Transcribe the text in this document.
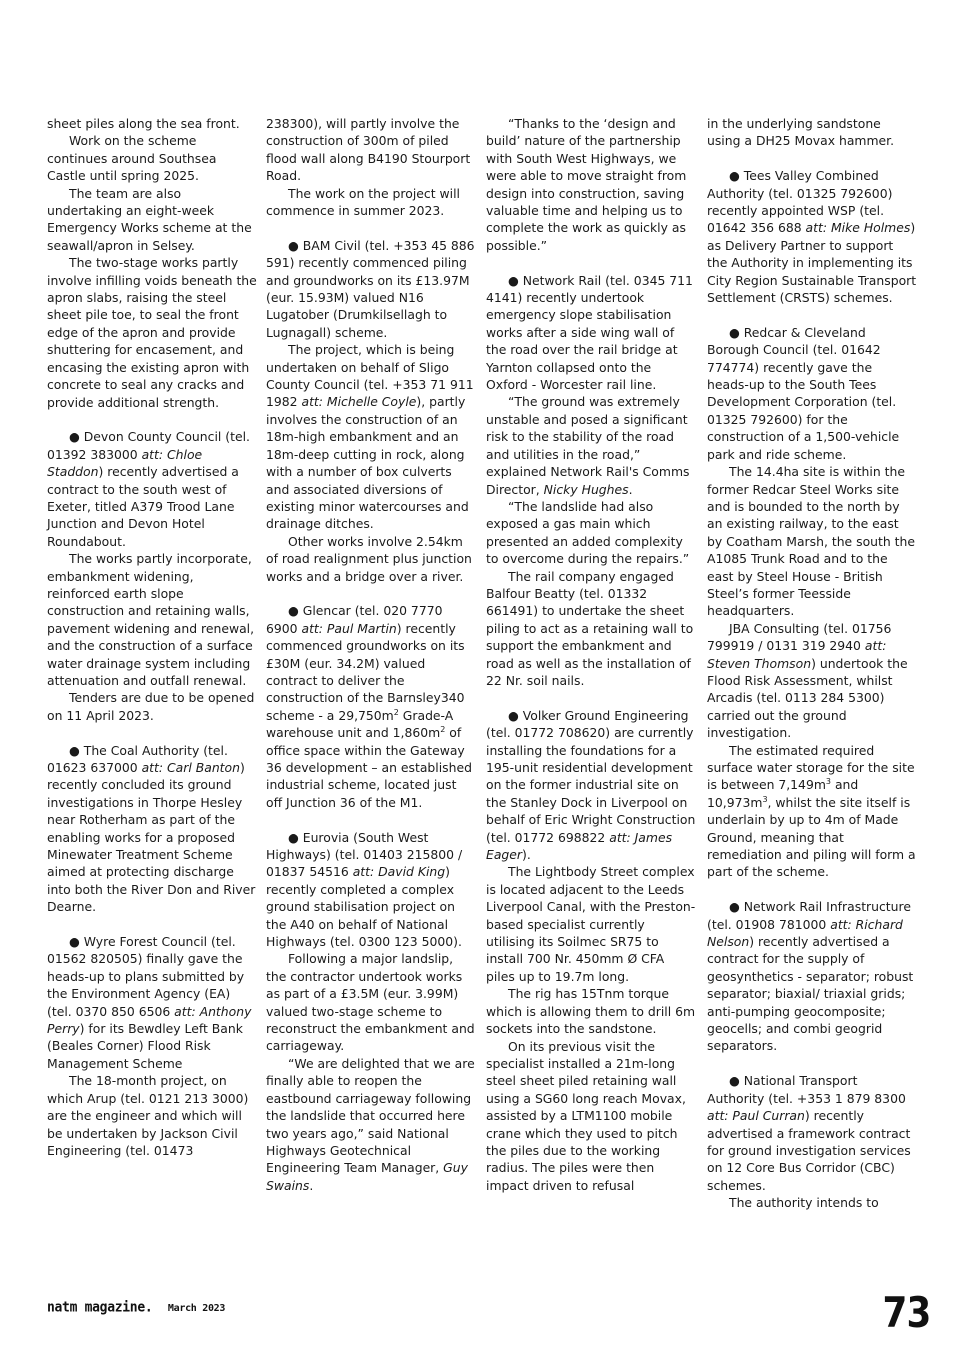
sheet piles along the sea front.

Work on the scheme continues around Southsea Castle until spring 2025.

The team are also undertaking an eight-week Emergency Works scheme at the seawall/apron in Selsey.

The two-stage works partly involve infilling voids beneath the apron slabs, raising the steel sheet pile toe, to seal the front edge of the apron and provide shuttering for encasement, and encasing the existing apron with concrete to seal any cracks and provide additional strength.

● Devon County Council (tel. 01392 383000 att: Chloe Staddon) recently advertised a contract to the south west of Exeter, titled A379 Trood Lane Junction and Devon Hotel Roundabout.

The works partly incorporate, embankment widening, reinforced earth slope construction and retaining walls, pavement widening and renewal, and the construction of a surface water drainage system including attenuation and outfall renewal.

Tenders are due to be opened on 11 April 2023.

● The Coal Authority (tel. 01623 637000 att: Carl Banton) recently concluded its ground investigations in Thorpe Hesley near Rotherham as part of the enabling works for a proposed Minewater Treatment Scheme aimed at protecting discharge into both the River Don and River Dearne.

● Wyre Forest Council (tel. 01562 820505) finally gave the heads-up to plans submitted by the Environment Agency (EA) (tel. 0370 850 6506 att: Anthony Perry) for its Bewdley Left Bank (Beales Corner) Flood Risk Management Scheme

The 18-month project, on which Arup (tel. 0121 213 3000) are the engineer and which will be undertaken by Jackson Civil Engineering (tel. 01473

238300), will partly involve the construction of 300m of piled flood wall along B4190 Stourport Road.

The work on the project will commence in summer 2023.

● BAM Civil (tel. +353 45 886 591) recently commenced piling and groundworks on its £13.97M (eur. 15.93M) valued N16 Lugatober (Drumkilsellagh to Lugnagall) scheme.

The project, which is being undertaken on behalf of Sligo County Council (tel. +353 71 911 1982 att: Michelle Coyle), partly involves the construction of an 18m-high embankment and an 18m-deep cutting in rock, along with a number of box culverts and associated diversions of existing minor watercourses and drainage ditches.

Other works involve 2.54km of road realignment plus junction works and a bridge over a river.

● Glencar (tel. 020 7770 6900 att: Paul Martin) recently commenced groundworks on its £30M (eur. 34.2M) valued contract to deliver the construction of the Barnsley340 scheme - a $29,750m^2$ Grade-A warehouse unit and $1,860m^2$ of office space within the Gateway 36 development – an established industrial scheme, located just off Junction 36 of the M1.

● Eurovia (South West Highways) (tel. 01403 215800 / 01837 54516 att: David King) recently completed a complex ground stabilisation project on the A40 on behalf of National Highways (tel. 0300 123 5000).

Following a major landslip, the contractor undertook works as part of a £3.5M (eur. 3.99M) valued two-stage scheme to reconstruct the embankment and carriageway.

“We are delighted that we are finally able to reopen the eastbound carriageway following the landslide that occurred here two years ago,” said National Highways Geotechnical Engineering Team Manager, Guy Swains.

“Thanks to the ‘design and build’ nature of the partnership with South West Highways, we were able to move straight from design into construction, saving valuable time and helping us to complete the work as quickly as possible.”

● Network Rail (tel. 0345 711 4141) recently undertook emergency slope stabilisation works after a side wing wall of the road over the rail bridge at Yarnton collapsed onto the Oxford - Worcester rail line.

“The ground was extremely unstable and posed a significant risk to the stability of the road and utilities in the road,” explained Network Rail's Comms Director, Nicky Hughes.

“The landslide had also exposed a gas main which presented an added complexity to overcome during the repairs.”

The rail company engaged Balfour Beatty (tel. 01332 661491) to undertake the sheet piling to act as a retaining wall to support the embankment and road as well as the installation of 22 Nr. soil nails.

● Volker Ground Engineering (tel. 01772 708620) are currently installing the foundations for a 195-unit residential development on the former industrial site on the Stanley Dock in Liverpool on behalf of Eric Wright Construction (tel. 01772 698822 att: James Eager).

The Lightbody Street complex is located adjacent to the Leeds Liverpool Canal, with the Preston-based specialist currently utilising its Soilmec SR75 to install 700 Nr. 450mm Ø CFA piles up to 19.7m long.

The rig has 15Tnm torque which is allowing them to drill 6m sockets into the sandstone.

On its previous visit the specialist installed a 21m-long steel sheet piled retaining wall using a SG60 long reach Movax, assisted by a LTM1100 mobile crane which they used to pitch the piles due to the working radius. The piles were then impact driven to refusal

in the underlying sandstone using a DH25 Movax hammer.

● Tees Valley Combined Authority (tel. 01325 792600) recently appointed WSP (tel. 01642 356 688 att: Mike Holmes) as Delivery Partner to support the Authority in implementing its City Region Sustainable Transport Settlement (CRSTS) schemes.

● Redcar & Cleveland Borough Council (tel. 01642 774774) recently gave the heads-up to the South Tees Development Corporation (tel. 01325 792600) for the construction of a 1,500-vehicle park and ride scheme.

The 14.4ha site is within the former Redcar Steel Works site and is bounded to the north by an existing railway, to the east by Coatham Marsh, the south the A1085 Trunk Road and to the east by Steel House - British Steel’s former Teesside headquarters.

JBA Consulting (tel. 01756 799919 / 0131 319 2940 att: Steven Thomson) undertook the Flood Risk Assessment, whilst Arcadis (tel. 0113 284 5300) carried out the ground investigation.

The estimated required surface water storage for the site is between $7,149m^3$ and $10,973m^3$, whilst the site itself is underlain by up to 4m of Made Ground, meaning that remediation and piling will form a part of the scheme.

● Network Rail Infrastructure (tel. 01908 781000 att: Richard Nelson) recently advertised a contract for the supply of geosynthetics - separator; robust separator; biaxial/ triaxial grids; anti-pumping geocomposite; geocells; and combi geogrid separators.

● National Transport Authority (tel. +353 1 879 8300 att: Paul Curran) recently advertised a framework contract for ground investigation services on 12 Core Bus Corridor (CBC) schemes.

The authority intends to

natm magazine. March 2023	73
